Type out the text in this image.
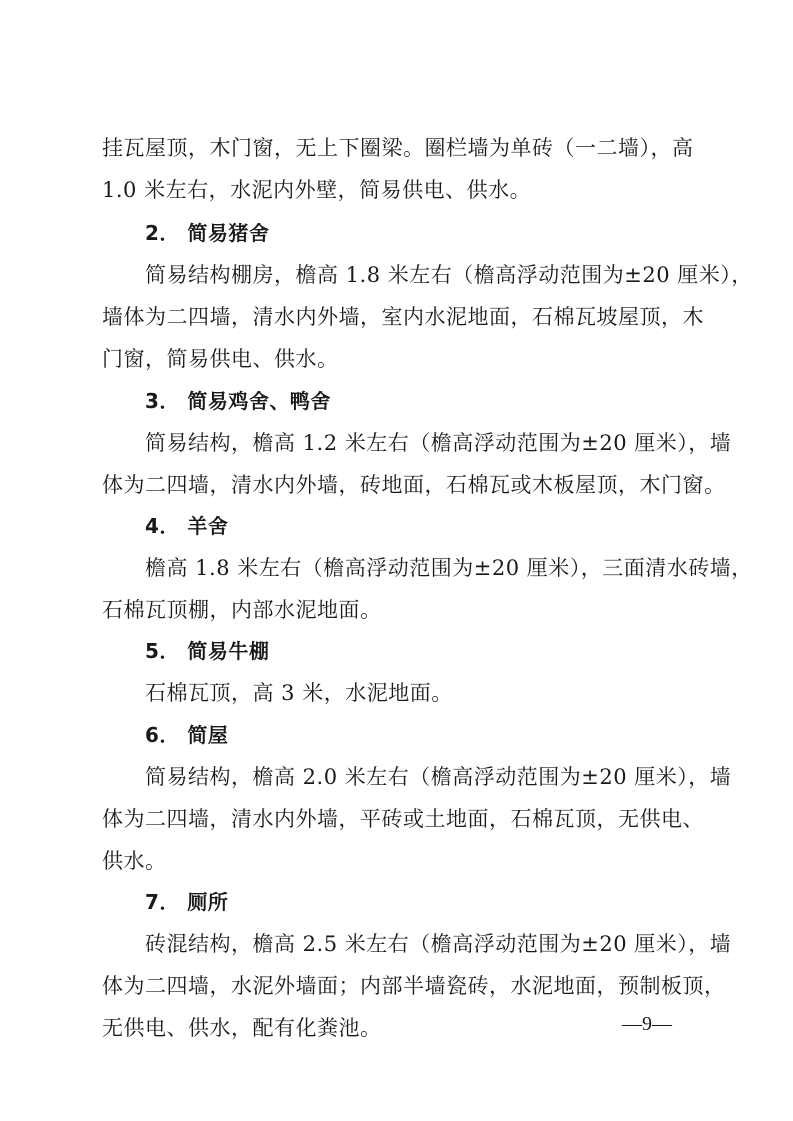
挂瓦屋顶，木门窗，无上下圈梁。圈栏墙为单砖（一二墙），高
1.0 米左右，水泥内外壁，简易供电、供水。
2． 简易猪舍
简易结构棚房，檐高 1.8 米左右（檐高浮动范围为±20 厘米），
墙体为二四墙，清水内外墙，室内水泥地面，石棉瓦坡屋顶，木
门窗，简易供电、供水。
3． 简易鸡舍、鸭舍
简易结构，檐高 1.2 米左右（檐高浮动范围为±20 厘米），墙
体为二四墙，清水内外墙，砖地面，石棉瓦或木板屋顶，木门窗。
4． 羊舍
檐高 1.8 米左右（檐高浮动范围为±20 厘米），三面清水砖墙，
石棉瓦顶棚，内部水泥地面。
5． 简易牛棚
石棉瓦顶，高 3 米，水泥地面。
6． 简屋
简易结构，檐高 2.0 米左右（檐高浮动范围为±20 厘米），墙
体为二四墙，清水内外墙，平砖或土地面，石棉瓦顶，无供电、
供水。
7． 厕所
砖混结构，檐高 2.5 米左右（檐高浮动范围为±20 厘米），墙
体为二四墙，水泥外墙面；内部半墙瓷砖，水泥地面，预制板顶，
无供电、供水，配有化粪池。	—9—
